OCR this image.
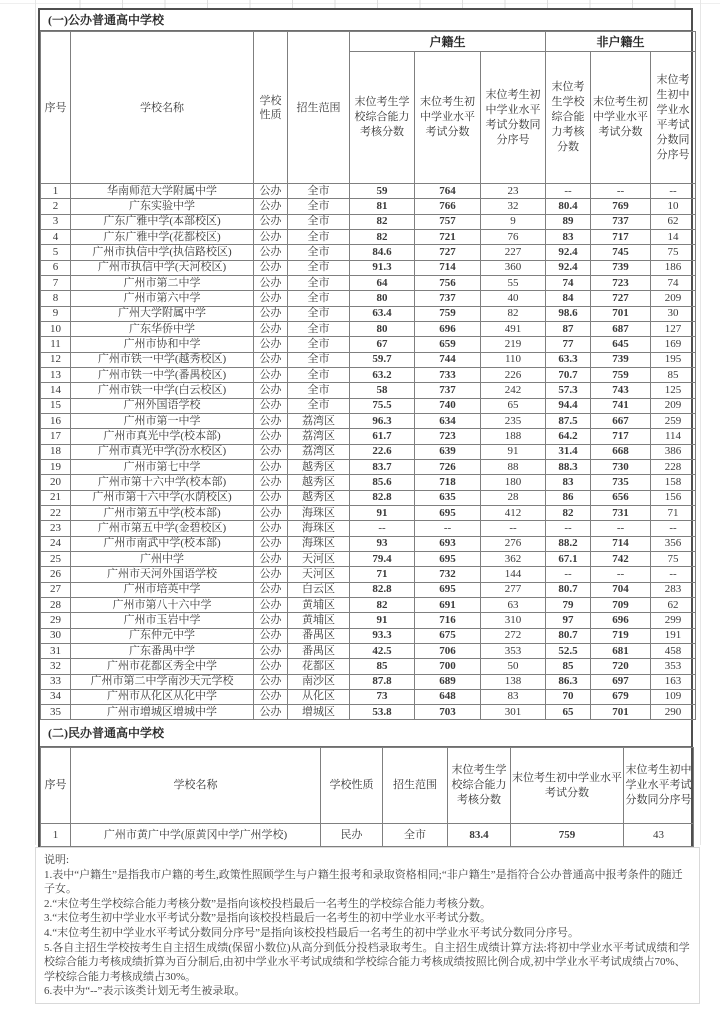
(一)公办普通高中学校
序号	学校名称	学校性质	招生范围	户籍生			非户籍生		
				末位考生学校综合能力考核分数	末位考生初中学业水平考试分数	末位考生初中学业水平考试分数同分序号	末位考生学校综合能力考核分数	末位考生初中学业水平考试分数	末位考生初中学业水平考试分数同分序号
1	华南师范大学附属中学	公办	全市	59	764	23	--	--	--
2	广东实验中学	公办	全市	81	766	32	80.4	769	10
3	广东广雅中学(本部校区)	公办	全市	82	757	9	89	737	62
4	广东广雅中学(花都校区)	公办	全市	82	721	76	83	717	14
5	广州市执信中学(执信路校区)	公办	全市	84.6	727	227	92.4	745	75
6	广州市执信中学(天河校区)	公办	全市	91.3	714	360	92.4	739	186
7	广州市第二中学	公办	全市	64	756	55	74	723	74
8	广州市第六中学	公办	全市	80	737	40	84	727	209
9	广州大学附属中学	公办	全市	63.4	759	82	98.6	701	30
10	广东华侨中学	公办	全市	80	696	491	87	687	127
11	广州市协和中学	公办	全市	67	659	219	77	645	169
12	广州市铁一中学(越秀校区)	公办	全市	59.7	744	110	63.3	739	195
13	广州市铁一中学(番禺校区)	公办	全市	63.2	733	226	70.7	759	85
14	广州市铁一中学(白云校区)	公办	全市	58	737	242	57.3	743	125
15	广州外国语学校	公办	全市	75.5	740	65	94.4	741	209
16	广州市第一中学	公办	荔湾区	96.3	634	235	87.5	667	259
17	广州市真光中学(校本部)	公办	荔湾区	61.7	723	188	64.2	717	114
18	广州市真光中学(汾水校区)	公办	荔湾区	22.6	639	91	31.4	668	386
19	广州市第七中学	公办	越秀区	83.7	726	88	88.3	730	228
20	广州市第十六中学(校本部)	公办	越秀区	85.6	718	180	83	735	158
21	广州市第十六中学(水荫校区)	公办	越秀区	82.8	635	28	86	656	156
22	广州市第五中学(校本部)	公办	海珠区	91	695	412	82	731	71
23	广州市第五中学(金碧校区)	公办	海珠区	--	--	--	--	--	--
24	广州市南武中学(校本部)	公办	海珠区	93	693	276	88.2	714	356
25	广州中学	公办	天河区	79.4	695	362	67.1	742	75
26	广州市天河外国语学校	公办	天河区	71	732	144	--	--	--
27	广州市培英中学	公办	白云区	82.8	695	277	80.7	704	283
28	广州市第八十六中学	公办	黄埔区	82	691	63	79	709	62
29	广州市玉岩中学	公办	黄埔区	91	716	310	97	696	299
30	广东仲元中学	公办	番禺区	93.3	675	272	80.7	719	191
31	广东番禺中学	公办	番禺区	42.5	706	353	52.5	681	458
32	广州市花都区秀全中学	公办	花都区	85	700	50	85	720	353
33	广州市第二中学南沙天元学校	公办	南沙区	87.8	689	138	86.3	697	163
34	广州市从化区从化中学	公办	从化区	73	648	83	70	679	109
35	广州市增城区增城中学	公办	增城区	53.8	703	301	65	701	290
(二)民办普通高中学校
序号	学校名称	学校性质	招生范围	末位考生学校综合能力考核分数	末位考生初中学业水平考试分数	末位考生初中学业水平考试分数同分序号
1	广州市黄广中学(原黄冈中学广州学校)	民办	全市	83.4	759	43

说明:

1.表中“户籍生”是指我市户籍的考生,政策性照顾学生与户籍生报考和录取资格相同;“非户籍生”是指符合公办普通高中报考条件的随迁子女。

2.“末位考生学校综合能力考核分数”是指向该校投档最后一名考生的学校综合能力考核分数。

3.“末位考生初中学业水平考试分数”是指向该校投档最后一名考生的初中学业水平考试分数。

4.“末位考生初中学业水平考试分数同分序号”是指向该校投档最后一名考生的初中学业水平考试分数同分序号。

5.各自主招生学校按考生自主招生成绩(保留小数位)从高分到低分投档录取考生。自主招生成绩计算方法:将初中学业水平考试成绩和学校综合能力考核成绩折算为百分制后,由初中学业水平考试成绩和学校综合能力考核成绩按照比例合成,初中学业水平考试成绩占70%、学校综合能力考核成绩占30%。

6.表中为“--”表示该类计划无考生被录取。
